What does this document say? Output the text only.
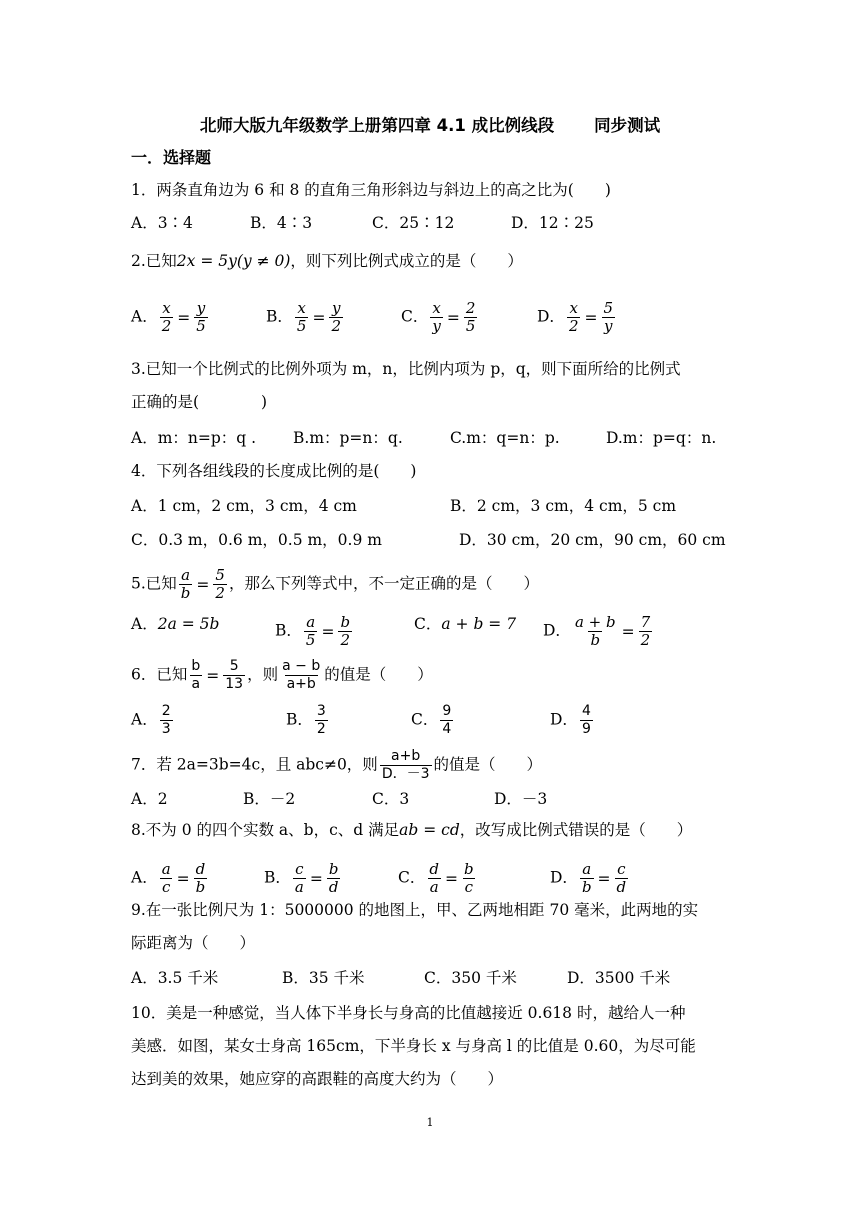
北师大版九年级数学上册第四章 4.1 成比例线段 同步测试
一．选择题
1．两条直角边为 6 和 8 的直角三角形斜边与斜边上的高之比为(　　)
A．3∶4	B．4∶3	C．25∶12	D．12∶25
2.已知2x = 5y(y ≠ 0)，则下列比例式成立的是（　　）
A． $\frac{x}{2} = \frac{y}{5}$	B． $\frac{x}{5} = \frac{y}{2}$	C． $\frac{x}{y} = \frac{2}{5}$	D． $\frac{x}{2} = \frac{5}{y}$
3.已知一个比例式的比例外项为 m，n，比例内项为 p，q，则下面所给的比例式
正确的是(　　　　)
A．m：n=p：q . B.m：p=n：q.	C.m：q=n：p.	D.m：p=q：n.
4．下列各组线段的长度成比例的是(　　)
A．1 cm，2 cm，3 cm，4 cm	B．2 cm，3 cm，4 cm，5 cm
C．0.3 m，0.6 m，0.5 m，0.9 m	D．30 cm，20 cm，90 cm，60 cm
5.已知 $\frac{a}{b} = \frac{5}{2}$ ，那么下列等式中，不一定正确的是（　　）
A．2a = 5b	B． $\frac{a}{5} = \frac{b}{2}$	C．a + b = 7 D． $\frac{a + b}{b} = \frac{7}{2}$
6．已知 $\frac{b}{a} = \frac{5}{13}$ ，则 $\frac{a - b}{a+b}$ 的值是（　　）
A． $\frac{2}{3}$	B． $\frac{3}{2}$	C． $\frac{9}{4}$	D． $\frac{4}{9}$
7．若 2a=3b=4c，且 abc≠0，则 $\frac{a+b}{D.-3}$ 的值是（　　）
A．2	B．－2	C．3	D．－3
8.不为 0 的四个实数 a、b，c、d 满足ab = cd，改写成比例式错误的是（　　）
A． $\frac{a}{c} = \frac{d}{b}$	B． $\frac{c}{a} = \frac{b}{d}$	C． $\frac{d}{a} = \frac{b}{c}$	D． $\frac{a}{b} = \frac{c}{d}$
9.在一张比例尺为 1：5000000 的地图上，甲、乙两地相距 70 毫米，此两地的实
际距离为（　　）
A．3.5 千米	B．35 千米	C．350 千米	D．3500 千米
10．美是一种感觉，当人体下半身长与身高的比值越接近 0.618 时，越给人一种
美感．如图，某女士身高 165cm，下半身长 x 与身高 l 的比值是 0.60，为尽可能
达到美的效果，她应穿的高跟鞋的高度大约为（　　）
1
